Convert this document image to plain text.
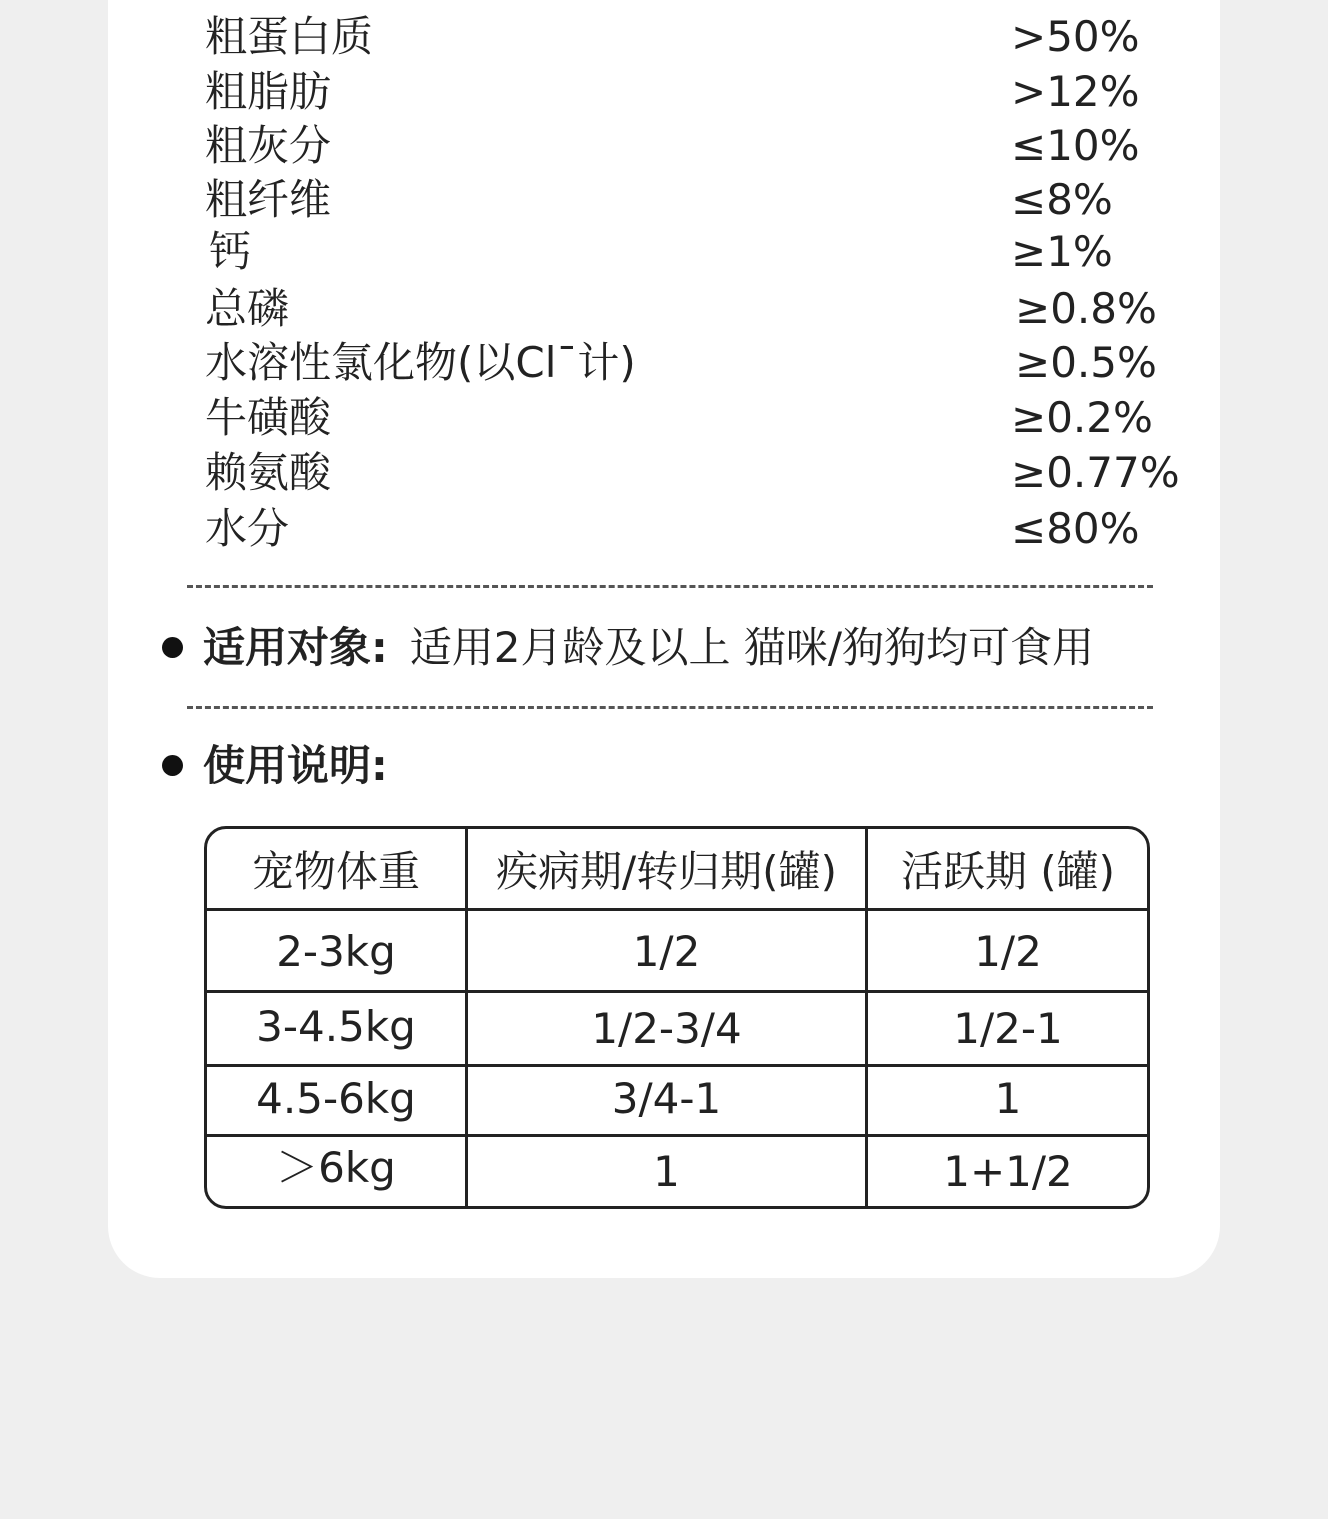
粗蛋白质	>50%
粗脂肪	>12%
粗灰分	≤10%
粗纤维	≤8%
钙	≥1%
总磷	≥0.8%
水溶性氯化物(以Cl¯计)	≥0.5%
牛磺酸	≥0.2%
赖氨酸	≥0.77%
水分	≤80%
适用对象: 适用2月龄及以上 猫咪/狗狗均可食用
使用说明:
宠物体重	疾病期/转归期(罐)	活跃期 (罐)
2-3kg	1/2	1/2
3-4.5kg	1/2-3/4	1/2-1
4.5-6kg	3/4-1	1
＞6kg	1	1+1/2
